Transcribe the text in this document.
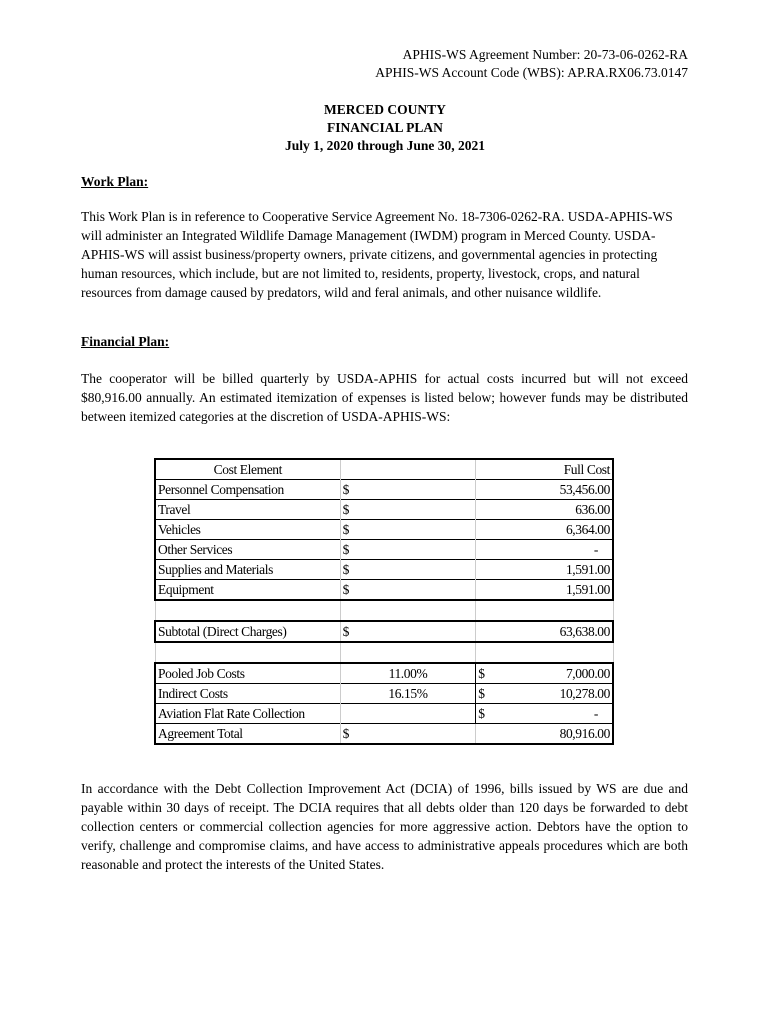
APHIS-WS Agreement Number: 20-73-06-0262-RA
APHIS-WS Account Code (WBS): AP.RA.RX06.73.0147
MERCED COUNTY
FINANCIAL PLAN
July 1, 2020 through June 30, 2021
Work Plan:
This Work Plan is in reference to Cooperative Service Agreement No. 18-7306-0262-RA. USDA-APHIS-WS will administer an Integrated Wildlife Damage Management (IWDM) program in Merced County. USDA-APHIS-WS will assist business/property owners, private citizens, and governmental agencies in protecting human resources, which include, but are not limited to, residents, property, livestock, crops, and natural resources from damage caused by predators, wild and feral animals, and other nuisance wildlife.
Financial Plan:
The cooperator will be billed quarterly by USDA-APHIS for actual costs incurred but will not exceed $80,916.00 annually. An estimated itemization of expenses is listed below; however funds may be distributed between itemized categories at the discretion of USDA-APHIS-WS:
Cost Element		Full Cost
Personnel Compensation	$	53,456.00
Travel	$	636.00
Vehicles	$	6,364.00
Other Services	$	-
Supplies and Materials	$	1,591.00
Equipment	$	1,591.00

Subtotal (Direct Charges)	$	63,638.00

Pooled Job Costs	11.00%	$ 7,000.00

Indirect Costs	16.15%	$ 10,278.00

Aviation Flat Rate Collection		$ -

Agreement Total	$	80,916.00
In accordance with the Debt Collection Improvement Act (DCIA) of 1996, bills issued by WS are due and payable within 30 days of receipt. The DCIA requires that all debts older than 120 days be forwarded to debt collection centers or commercial collection agencies for more aggressive action. Debtors have the option to verify, challenge and compromise claims, and have access to administrative appeals procedures which are both reasonable and protect the interests of the United States.
